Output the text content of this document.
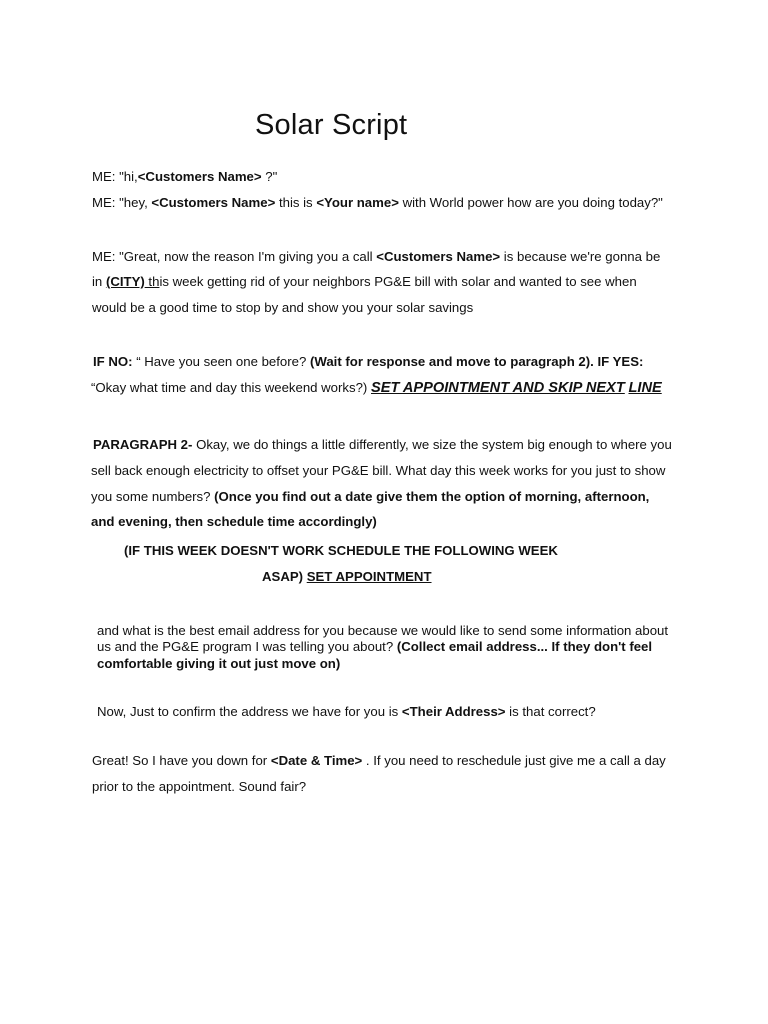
Solar Script
ME: "hi,<Customers Name> ?"
ME: "hey, <Customers Name> this is <Your name> with World power how are you doing today?"
ME: "Great, now the reason I'm giving you a call <Customers Name> is because we're gonna be
in (CITY) this week getting rid of your neighbors PG&E bill with solar and wanted to see when
would be a good time to stop by and show you your solar savings
IF NO: “ Have you seen one before? (Wait for response and move to paragraph 2). IF YES:
“Okay what time and day this weekend works?) SET APPOINTMENT AND SKIP NEXT LINE
PARAGRAPH 2- Okay, we do things a little differently, we size the system big enough to where you
sell back enough electricity to offset your PG&E bill. What day this week works for you just to show
you some numbers? (Once you find out a date give them the option of morning, afternoon,
and evening, then schedule time accordingly)
(IF THIS WEEK DOESN'T WORK SCHEDULE THE FOLLOWING WEEK
ASAP) SET APPOINTMENT
and what is the best email address for you because we would like to send some information about
us and the PG&E program I was telling you about? (Collect email address... If they don't feel
comfortable giving it out just move on)
Now, Just to confirm the address we have for you is <Their Address> is that correct?
Great! So I have you down for <Date & Time> . If you need to reschedule just give me a call a day
prior to the appointment. Sound fair?
